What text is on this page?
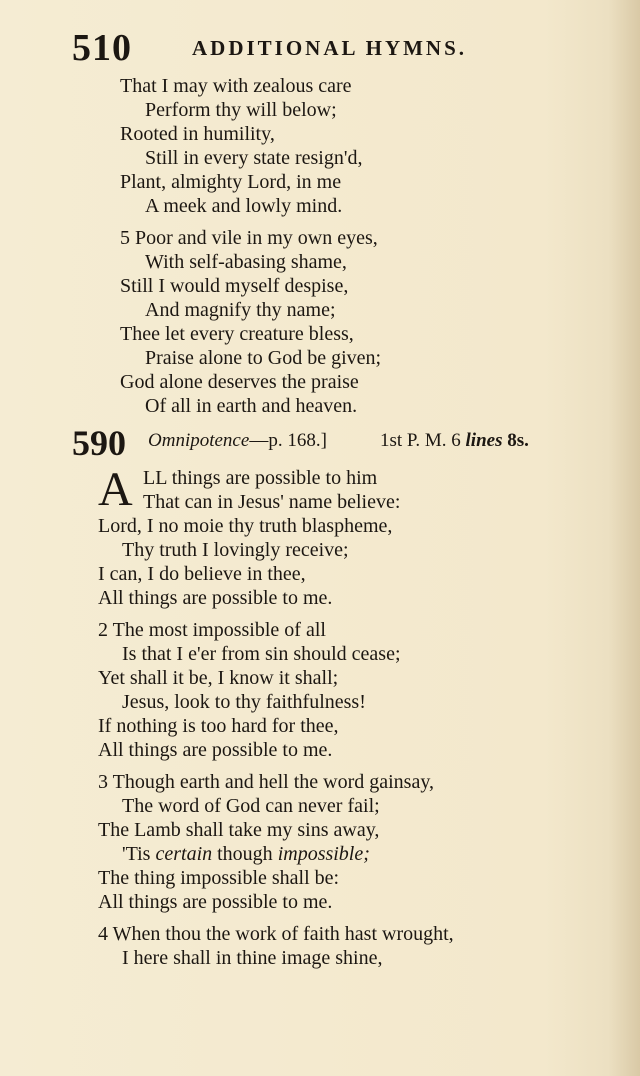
510	ADDITIONAL HYMNS.
That I may with zealous care
Perform thy will below;
Rooted in humility,
Still in every state resign'd,
Plant, almighty Lord, in me
A meek and lowly mind.
5 Poor and vile in my own eyes,
With self-abasing shame,
Still I would myself despise,
And magnify thy name;
Thee let every creature bless,
Praise alone to God be given;
God alone deserves the praise
Of all in earth and heaven.
590 Omnipotence—p. 168.]	1st P. M. 6 lines 8s.
A LL things are possible to him
That can in Jesus' name believe:
Lord, I no moie thy truth blaspheme,
Thy truth I lovingly receive;
I can, I do believe in thee,
All things are possible to me.
2 The most impossible of all
Is that I e'er from sin should cease;
Yet shall it be, I know it shall;
Jesus, look to thy faithfulness!
If nothing is too hard for thee,
All things are possible to me.
3 Though earth and hell the word gainsay,
The word of God can never fail;
The Lamb shall take my sins away,
'Tis certain though impossible;
The thing impossible shall be:
All things are possible to me.
4 When thou the work of faith hast wrought,
I here shall in thine image shine,
